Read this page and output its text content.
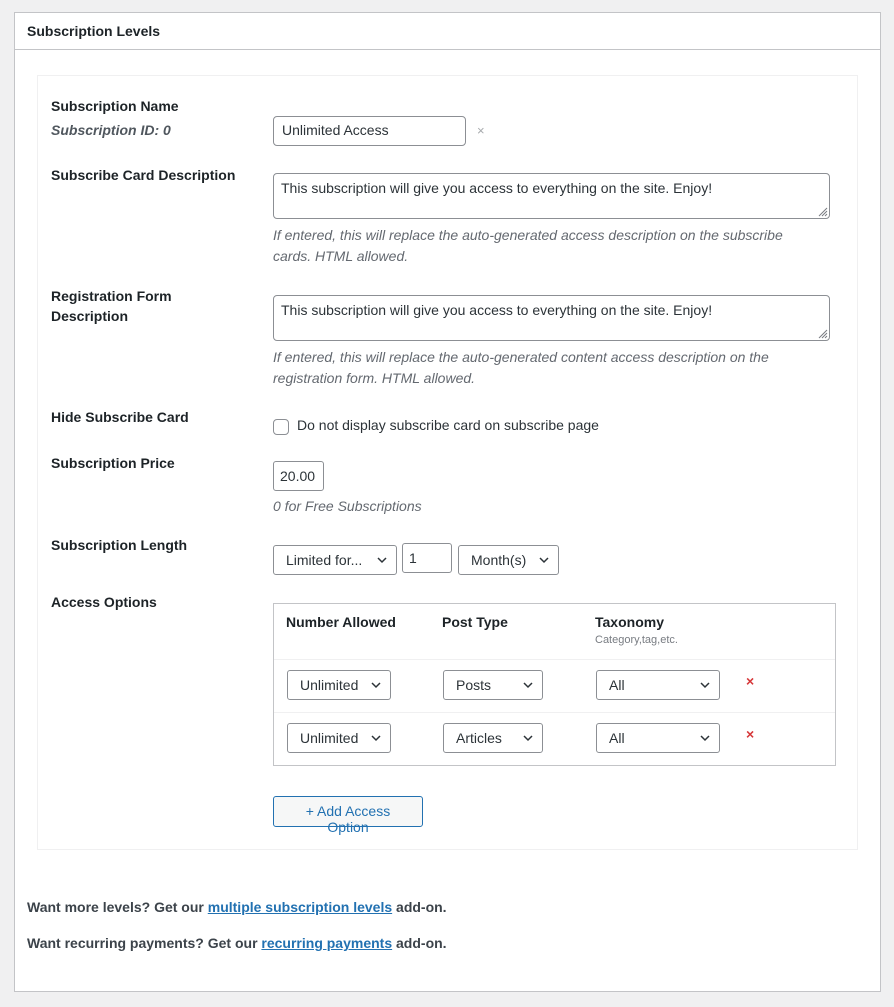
Subscription Levels
Subscription Name
Subscription ID: 0	Unlimited Access	×
Subscribe Card Description
This subscription will give you access to everything on the site. Enjoy!
If entered, this will replace the auto-generated access description on the subscribe cards. HTML allowed.
Registration Form
Description	This subscription will give you access to everything on the site. Enjoy!
If entered, this will replace the auto-generated content access description on the registration form. HTML allowed.
Hide Subscribe Card	Do not display subscribe card on subscribe page
Subscription Price
20.00
0 for Free Subscriptions
Subscription Length
Limited for...	1	Month(s)
Access Options
Number Allowed	Post Type	Taxonomy
Category,tag,etc.
Unlimited	Posts	All	×
Unlimited	Articles	All	×
+ Add Access Option
Want more levels? Get our multiple subscription levels add-on.
Want recurring payments? Get our recurring payments add-on.
